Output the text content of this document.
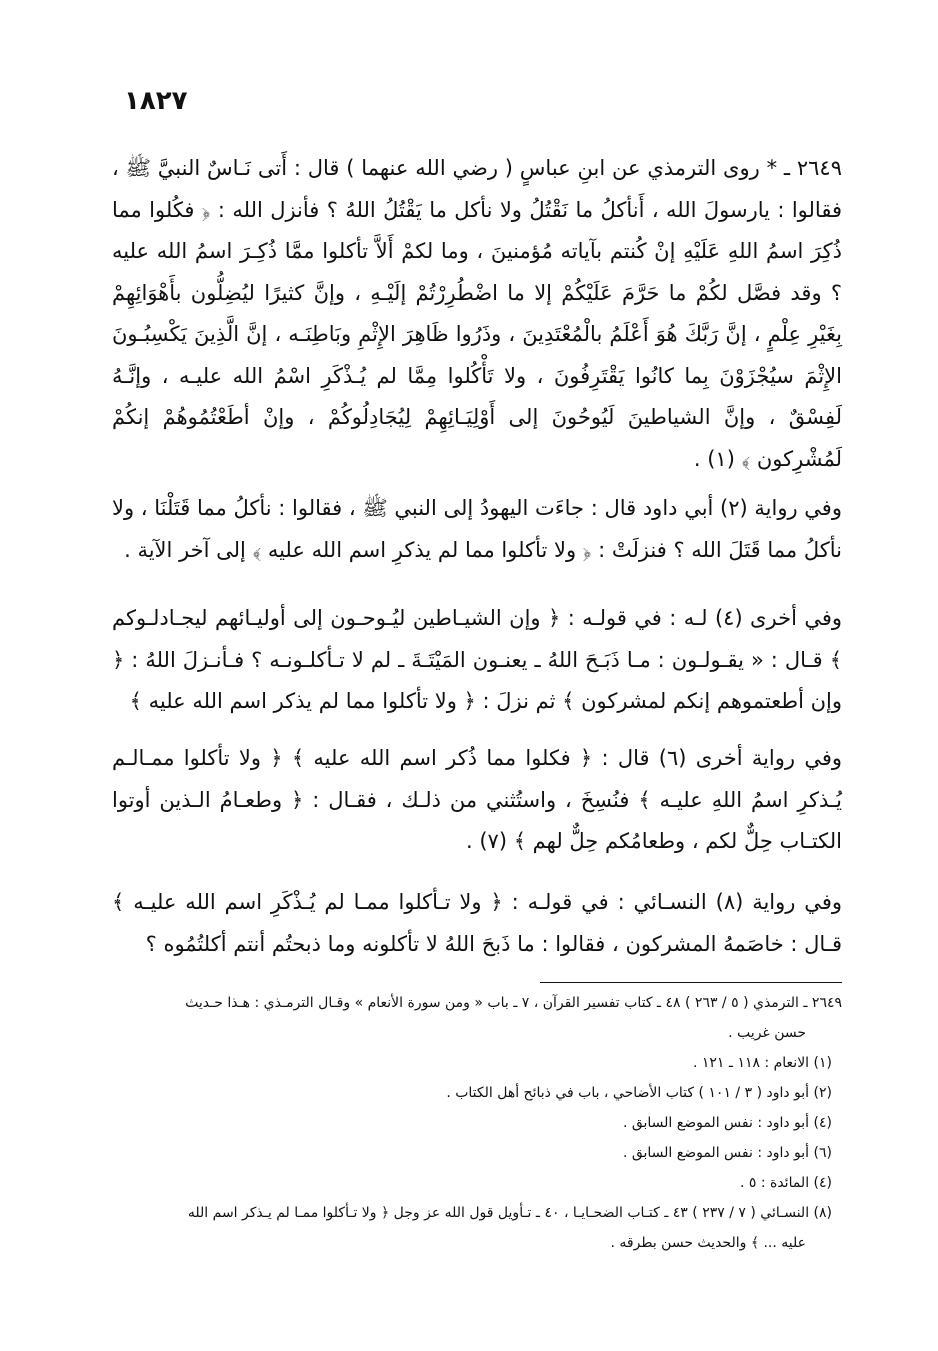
١٨٢٧

٢٦٤٩ ـ * روى الترمذي عن ابنِ عباسٍ ( رضي الله عنهما ) قال : أَتى نَـاسٌ النبيَّ ﷺ ، فقالوا : يارسولَ الله ، أَنأكلُ ما نَقْتُلُ ولا نأكل ما يَقْتُلُ اللهُ ؟ فأنزل الله : ﴿ فكُلوا مما ذُكِرَ اسمُ اللهِ عَلَيْهِ إنْ كُنتم بآياته مُؤمنينَ ، وما لكمْ أَلاَّ تأكلوا ممَّا ذُكِـرَ اسمُ الله عليه ؟ وقد فصَّل لكُمْ ما حَرَّمَ عَلَيْكُمْ إلا ما اضْطُرِرْتُمْ إلَيْـهِ ، وإنَّ كثيرًا ليُضِلُّون بأَهْوَائِهِمْ بِغَيْرِ عِلْمٍ ، إنَّ رَبَّكَ هُوَ أَعْلَمُ بالْمُعْتَدِينَ ، وذَرُوا ظَاهِرَ الإِثْمِ وبَاطِنَـه ، إنَّ الَّذِينَ يَكْسِبُـونَ الإِثْمَ سيُجْزَوْنَ بِما كانُوا يَقْتَرِفُونَ ، ولا تَأْكُلوا مِمَّا لم يُـذْكَرِ اسْمُ الله عليـه ، وإنَّـهُ لَفِسْقٌ ، وإنَّ الشياطينَ لَيُوحُونَ إلى أَوْلِيَـائِهِمْ لِيُجَادِلُوكُمْ ، وإنْ أطَعْتُمُوهُمْ إنكُمْ لَمُشْرِكون ﴾ (١) .

وفي رواية (٢) أبي داود قال : جاءَت اليهودُ إلى النبي ﷺ ، فقالوا : نأكلُ مما قَتَلْنَا ، ولا نأكلُ مما قَتَلَ الله ؟ فنزلَتْ : ﴿ ولا تأكلوا مما لم يذكرِ اسم الله عليه ﴾ إلى آخر الآية .

وفي أخرى (٤) لـه : في قولـه : ﴿ وإن الشيـاطين ليُـوحـون إلى أوليـائهم ليجـادلـوكم ﴾ قـال : « يقـولـون : مـا ذَبَـحَ اللهُ ـ يعنـون المَيْتَـةَ ـ لم لا تـأكلـونـه ؟ فـأنـزلَ اللهُ : ﴿ وإن أطعتموهم إنكم لمشركون ﴾ ثم نزلَ : ﴿ ولا تأكلوا مما لم يذكر اسم الله عليه ﴾

وفي رواية أخرى (٦) قال : ﴿ فكلوا مما ذُكر اسم الله عليه ﴾ ﴿ ولا تأكلوا ممـالـم يُـذكرِ اسمُ اللهِ عليـه ﴾ فنُسِخَ ، واستُثني من ذلـك ، فقـال : ﴿ وطعـامُ الـذين أوتوا الكتـاب حِلٌّ لكم ، وطعامُكم حِلٌّ لهم ﴾ (٧) .

وفي رواية (٨) النسـائي : في قولـه : ﴿ ولا تـأكلوا ممـا لم يُـذْكَرِ اسم الله عليـه ﴾ قـال : خاصَمهُ المشركون ، فقالوا : ما ذَبحَ اللهُ لا تأكلونه وما ذبحتُم أنتم أكلتُمُوه ؟

٢٦٤٩ ـ الترمذي ( ٥ / ٢٦٣ ) ٤٨ ـ كتاب تفسير القرآن ، ٧ ـ باب « ومن سورة الأنعام » وقـال الترمـذي : هـذا حـديث
حسن غريب .
(١) الانعام : ١١٨ ـ ١٢١ .
(٢) أبو داود ( ٣ / ١٠١ ) كتاب الأضاحي ، باب في ذبائح أهل الكتاب .
(٤) أبو داود : نفس الموضع السابق .
(٦) أبو داود : نفس الموضع السابق .
(٤) المائدة : ٥ .
(٨) النسـائي ( ٧ / ٢٣٧ ) ٤٣ ـ كتـاب الضحـايـا ، ٤٠ ـ تـأويل قول الله عز وجل ﴿ ولا تـأكلوا ممـا لم يـذكر اسم الله
عليه ... ﴾ والحديث حسن بطرقه .
